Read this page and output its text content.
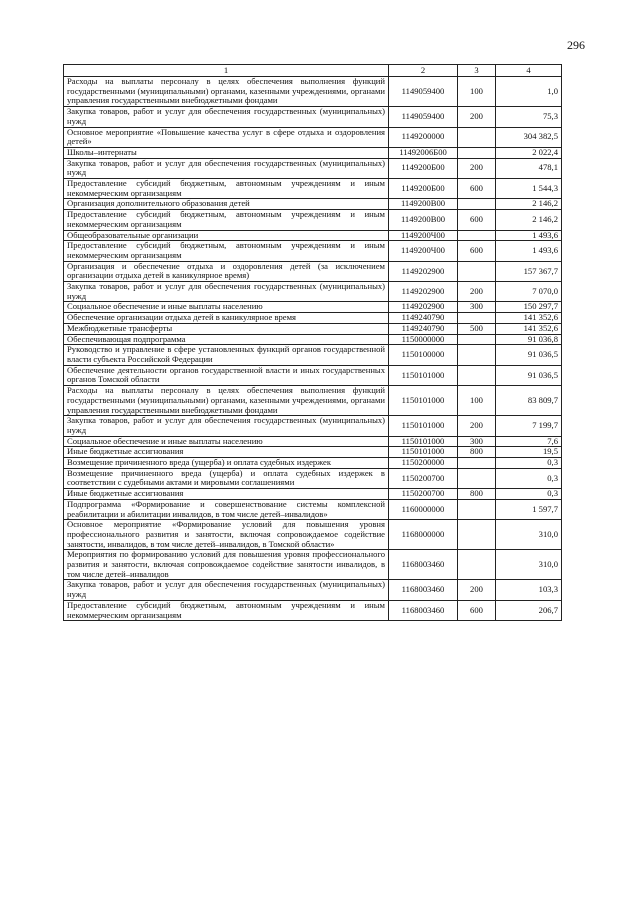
296
1	2	3	4
Расходы на выплаты персоналу в целях обеспечения выполнения функций государственными (муниципальными) органами, казенными учреждениями, органами управления государственными внебюджетными фондами	1149059400	100	1,0
Закупка товаров, работ и услуг для обеспечения государственных (муниципальных) нужд	1149059400	200	75,3
Основное мероприятие «Повышение качества услуг в сфере отдыха и оздоровления детей»	1149200000		304 382,5
Школы–интернаты	11492006Б00		2 022,4
Закупка товаров, работ и услуг для обеспечения государственных (муниципальных) нужд	1149200Б00	200	478,1
Предоставление субсидий бюджетным, автономным учреждениям и иным некоммерческим организациям	1149200Б00	600	1 544,3
Организация дополнительного образования детей	1149200В00		2 146,2
Предоставление субсидий бюджетным, автономным учреждениям и иным некоммерческим организациям	1149200В00	600	2 146,2
Общеобразовательные организации	1149200Ч00		1 493,6
Предоставление субсидий бюджетным, автономным учреждениям и иным некоммерческим организациям	1149200Ч00	600	1 493,6
Организация и обеспечение отдыха и оздоровления детей (за исключением организации отдыха детей в каникулярное время)	1149202900		157 367,7
Закупка товаров, работ и услуг для обеспечения государственных (муниципальных) нужд	1149202900	200	7 070,0
Социальное обеспечение и иные выплаты населению	1149202900	300	150 297,7
Обеспечение организации отдыха детей в каникулярное время	1149240790		141 352,6
Межбюджетные трансферты	1149240790	500	141 352,6
Обеспечивающая подпрограмма	1150000000		91 036,8
Руководство и управление в сфере установленных функций органов государственной власти субъекта Российской Федерации	1150100000		91 036,5
Обеспечение деятельности органов государственной власти и иных государственных органов Томской области	1150101000		91 036,5
Расходы на выплаты персоналу в целях обеспечения выполнения функций государственными (муниципальными) органами, казенными учреждениями, органами управления государственными внебюджетными фондами	1150101000	100	83 809,7
Закупка товаров, работ и услуг для обеспечения государственных (муниципальных) нужд	1150101000	200	7 199,7
Социальное обеспечение и иные выплаты населению	1150101000	300	7,6
Иные бюджетные ассигнования	1150101000	800	19,5
Возмещение причиненного вреда (ущерба) и оплата судебных издержек	1150200000		0,3
Возмещение причиненного вреда (ущерба) и оплата судебных издержек в соответствии с судебными актами и мировыми соглашениями	1150200700		0,3
Иные бюджетные ассигнования	1150200700	800	0,3
Подпрограмма «Формирование и совершенствование системы комплексной реабилитации и абилитации инвалидов, в том числе детей–инвалидов»	1160000000		1 597,7
Основное мероприятие «Формирование условий для повышения уровня профессионального развития и занятости, включая сопровождаемое содействие занятости, инвалидов, в том числе детей–инвалидов, в Томской области»	1168000000		310,0
Мероприятия по формированию условий для повышения уровня профессионального развития и занятости, включая сопровождаемое содействие занятости инвалидов, в том числе детей–инвалидов	1168003460		310,0
Закупка товаров, работ и услуг для обеспечения государственных (муниципальных) нужд	1168003460	200	103,3
Предоставление субсидий бюджетным, автономным учреждениям и иным некоммерческим организациям	1168003460	600	206,7
